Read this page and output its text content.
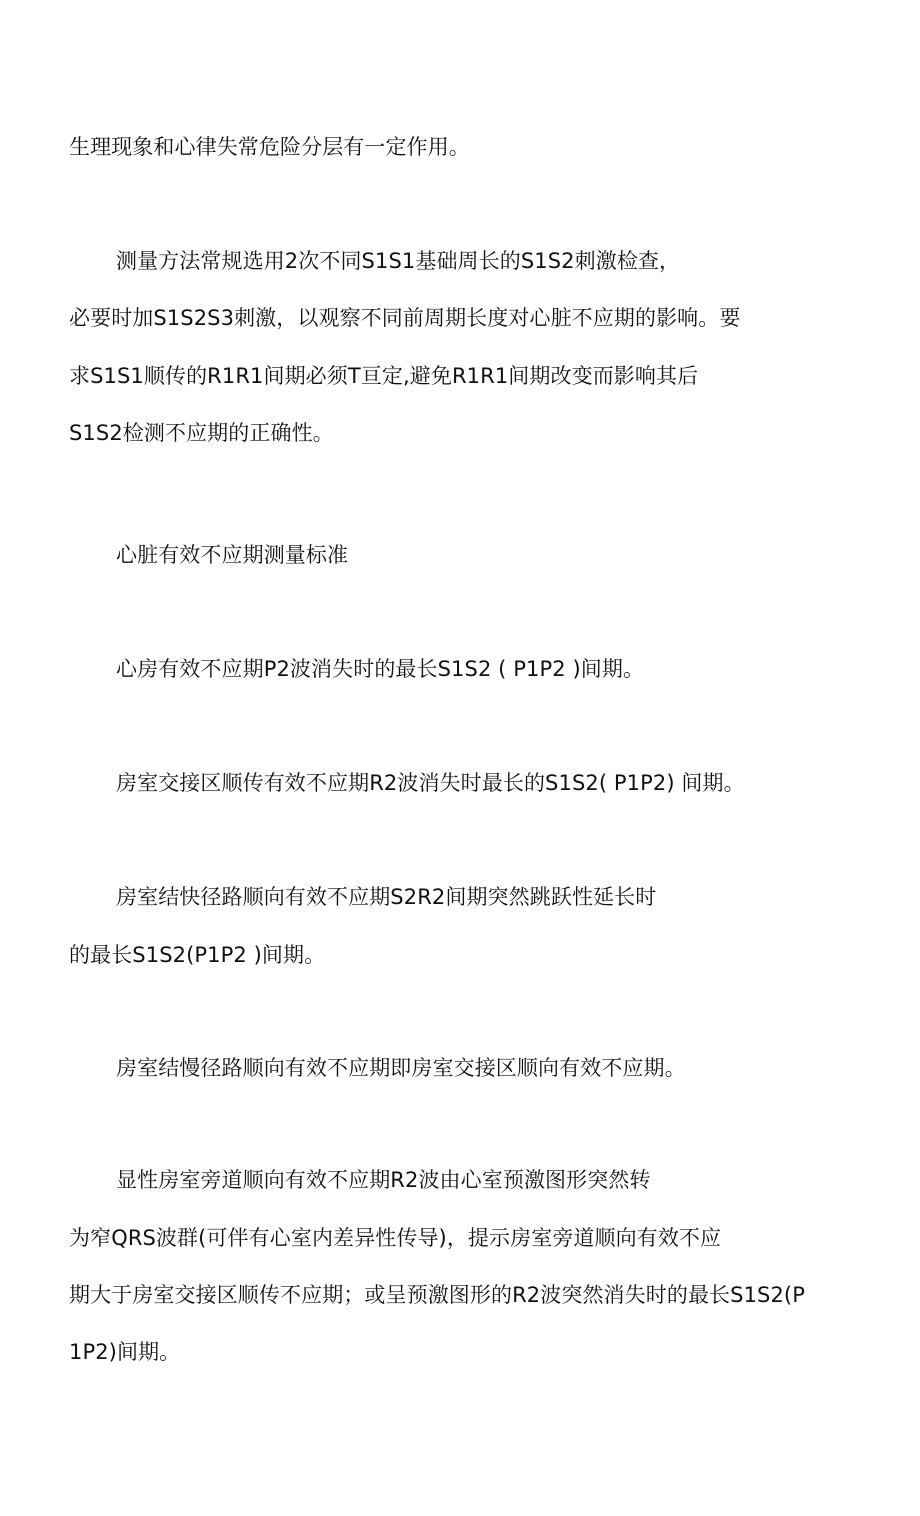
生理现象和心律失常危险分层有一定作用。
测量方法常规选用2次不同S1S1基础周长的S1S2刺激检查，
必要时加S1S2S3刺激，以观察不同前周期长度对心脏不应期的影响。要
求S1S1顺传的R1R1间期必须T亘定,避免R1R1间期改变而影响其后
S1S2检测不应期的正确性。
心脏有效不应期测量标准
心房有效不应期P2波消失时的最长S1S2 ( P1P2 )间期。
房室交接区顺传有效不应期R2波消失时最长的S1S2( P1P2) 间期。
房室结快径路顺向有效不应期S2R2间期突然跳跃性延长时
的最长S1S2(P1P2 )间期。
房室结慢径路顺向有效不应期即房室交接区顺向有效不应期。
显性房室旁道顺向有效不应期R2波由心室预激图形突然转
为窄QRS波群(可伴有心室内差异性传导)，提示房室旁道顺向有效不应
期大于房室交接区顺传不应期；或呈预激图形的R2波突然消失时的最长S1S2(P
1P2)间期。
